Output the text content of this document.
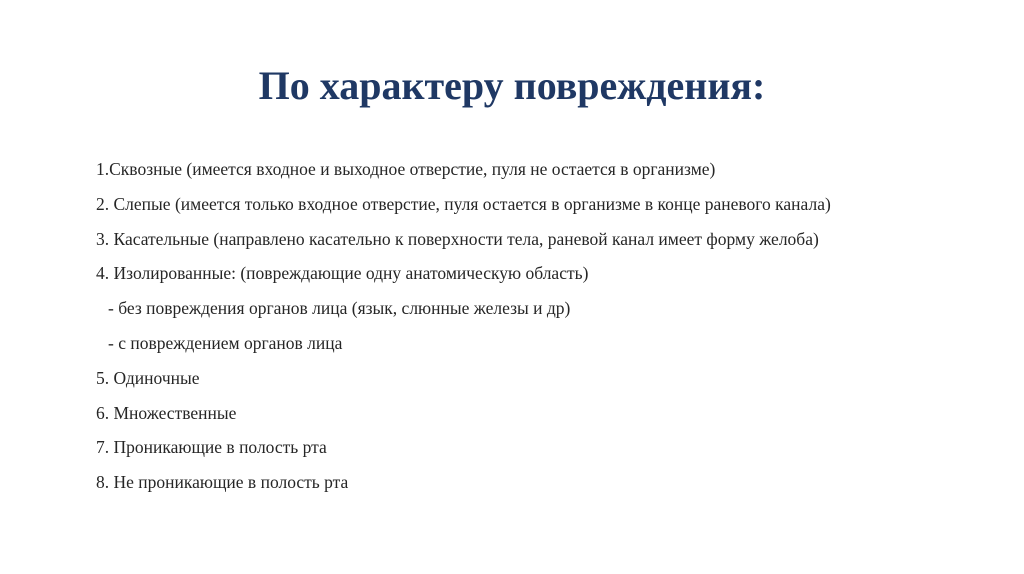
По характеру повреждения:
1.Сквозные (имеется входное и выходное отверстие, пуля не остается в организме)
2. Слепые (имеется только входное отверстие, пуля остается в организме в конце раневого канала)
3. Касательные (направлено касательно к поверхности тела, раневой канал имеет форму желоба)
4. Изолированные: (повреждающие одну анатомическую область)
- без повреждения органов лица (язык, слюнные железы и др)
- с повреждением органов лица
5. Одиночные
6. Множественные
7. Проникающие в полость рта
8. Не проникающие в полость рта
